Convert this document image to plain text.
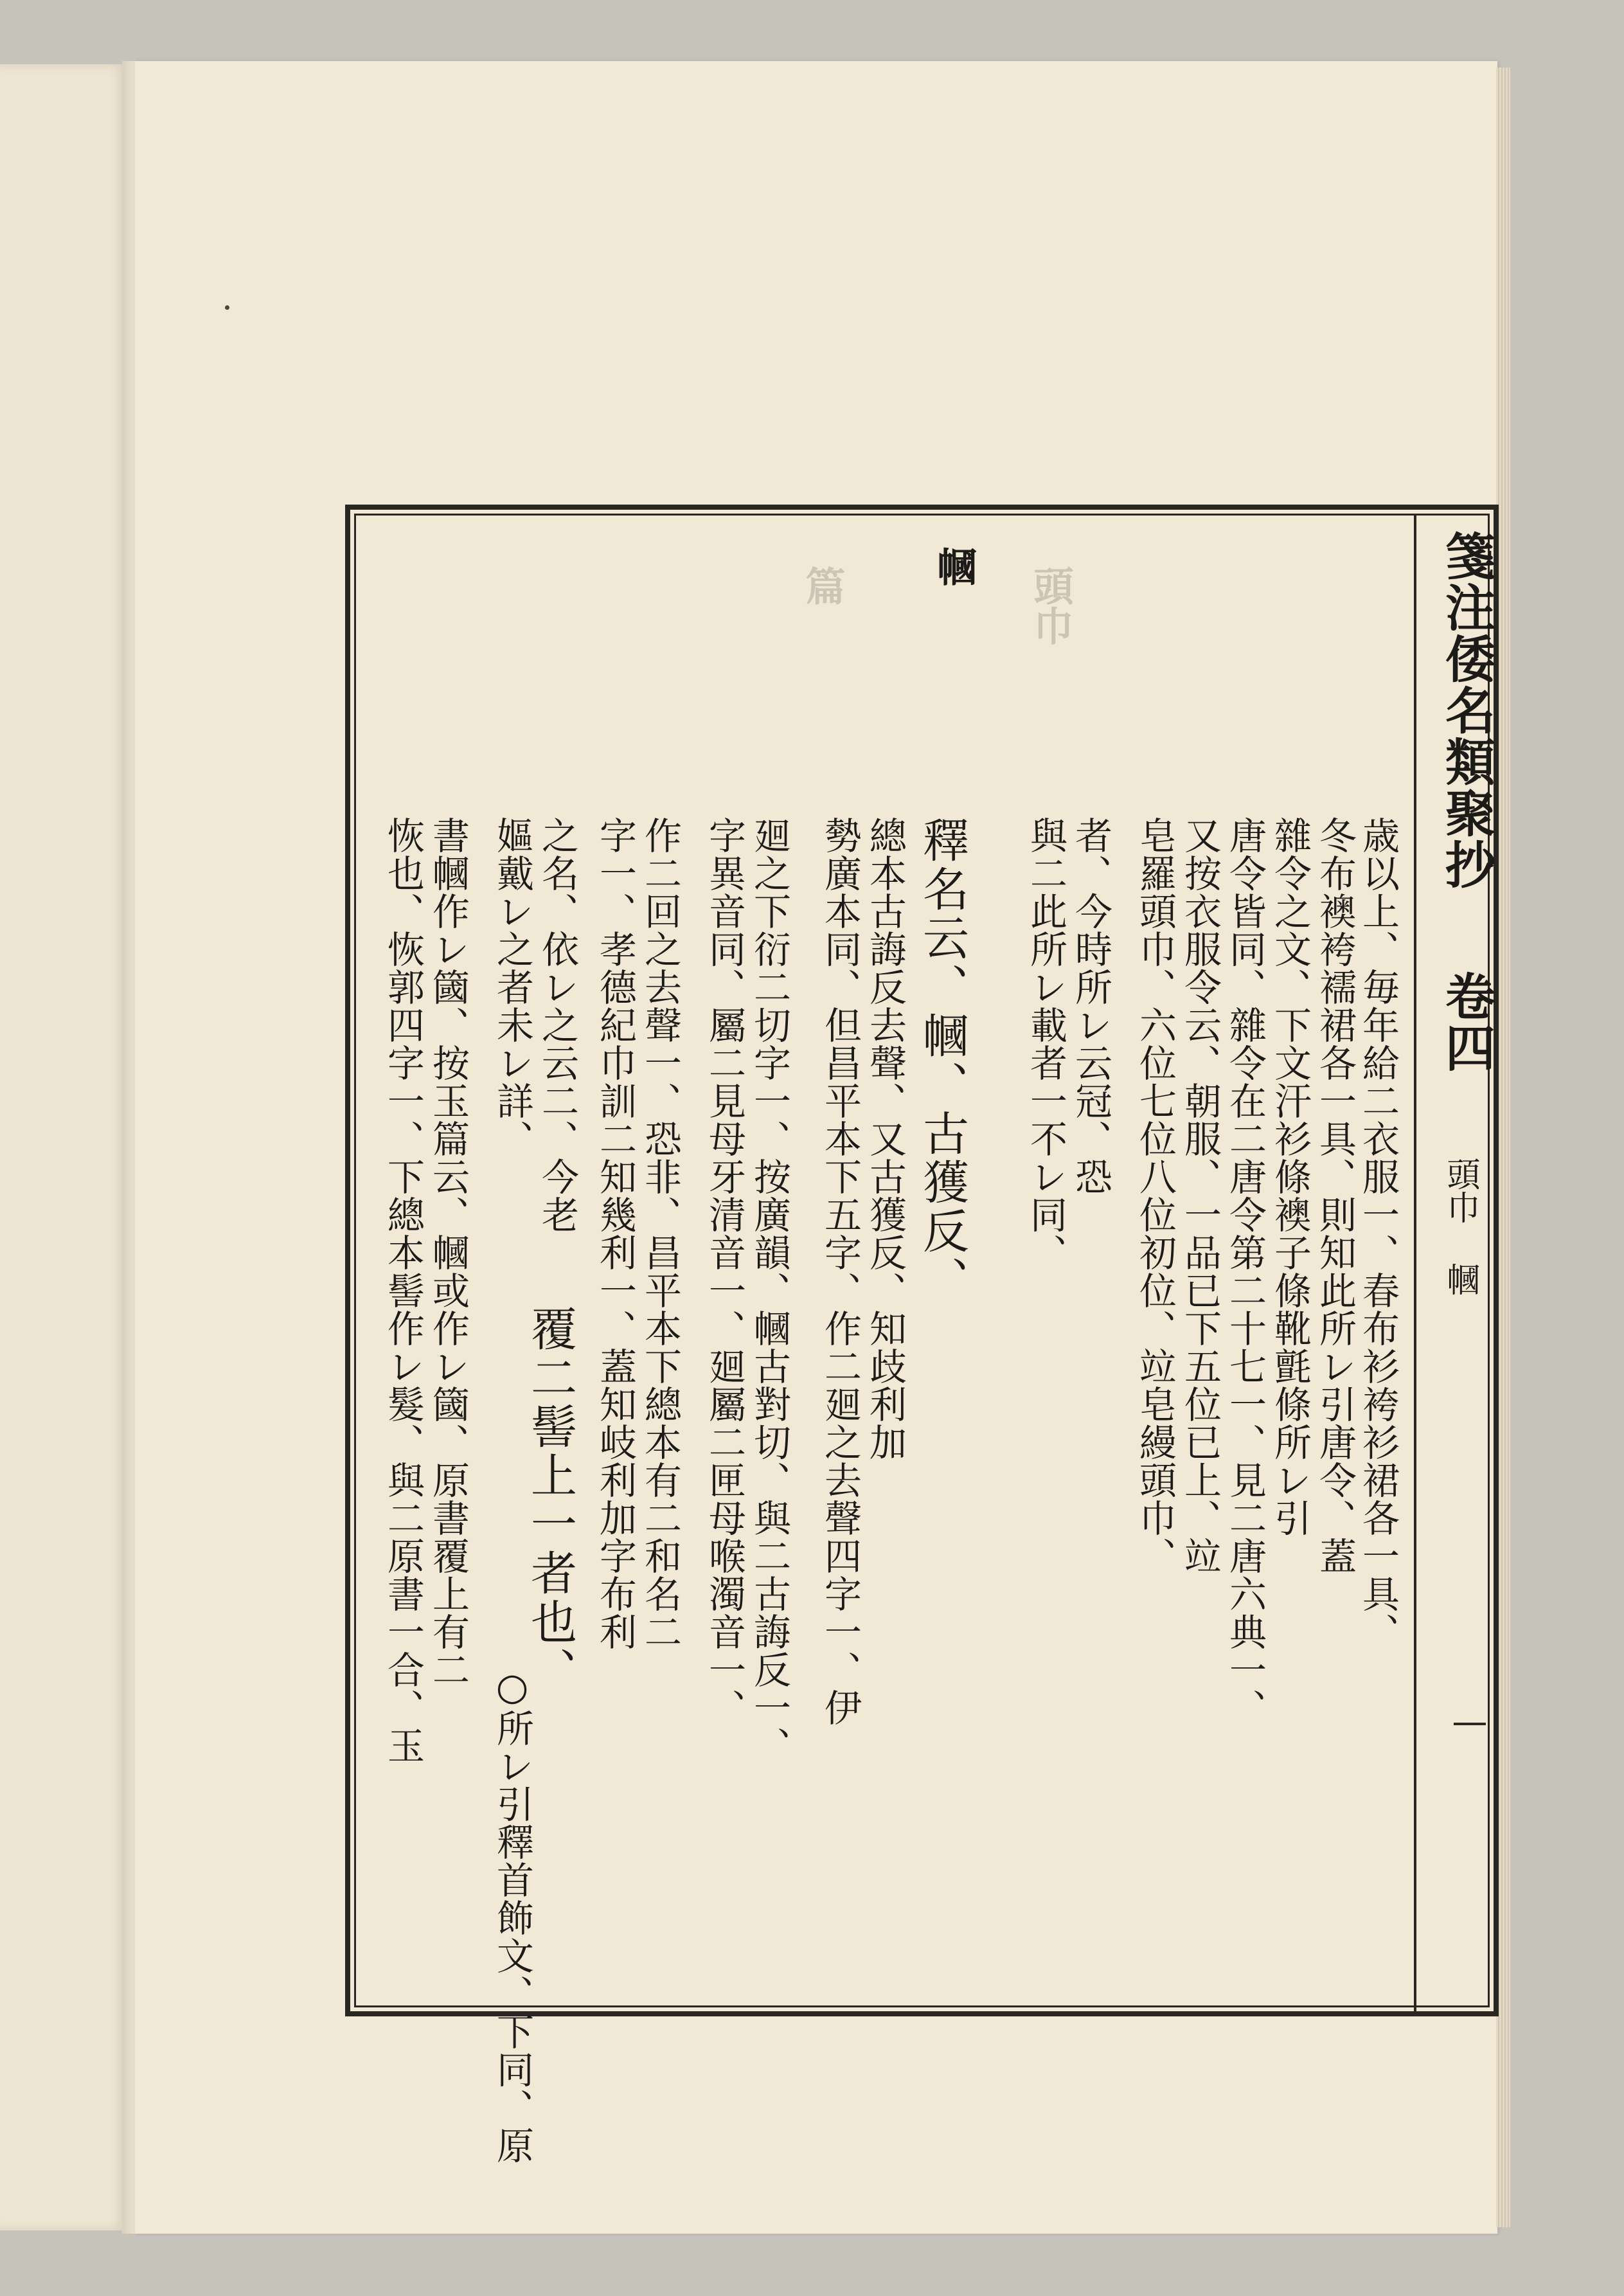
頭巾
篇	箋注倭名類聚抄
卷四
頭巾 幗
幗
歳以上、毎年給二衣服一、春布衫袴衫裙各一具、
冬布襖袴襦裙各一具、則知此所レ引唐令、蓋
雜令之文、下文汗衫條襖子條靴氈條所レ引
唐令皆同、雜令在二唐令第二十七一、見二唐六典一、
又按衣服令云、朝服、一品已下五位已上、竝
皂羅頭巾、六位七位八位初位、竝皂縵頭巾、
者、今時所レ云冠、恐
與二此所レ載者一不レ同、
釋名云、幗、古獲反、
總本古誨反去聲、又古獲反、知歧利加
勢廣本同、但昌平本下五字、作二廻之去聲四字一、伊
廻之下衍二切字一、按廣韻、幗古對切、與二古誨反一、
字異音同、屬二見母牙清音一、廻屬二匣母喉濁音一、
作二回之去聲一、恐非、昌平本下總本有二和名二
字一、孝德紀巾訓二知幾利一、蓋知岐利加字布利
之名、依レ之云二、今老
覆二髻上一者也、
嫗戴レ之者未レ詳、
○所レ引釋首飾文、下同、原
書幗作レ簂、按玉篇云、幗或作レ簂、原書覆上有二
恢也、恢郭四字一、下總本髻作レ髮、與二原書一合、玉
